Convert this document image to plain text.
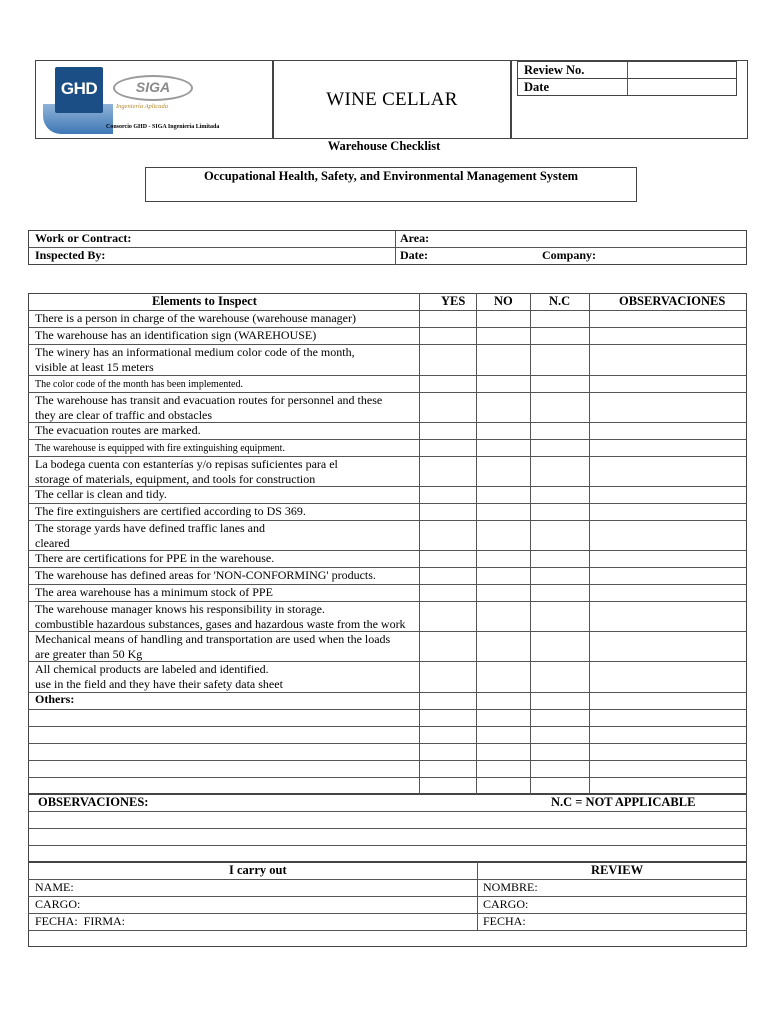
GHD	SIGA
Ingeniería Aplicada
Consorcio GHD - SIGA Ingeniería Limitada
WINE CELLAR
Review No.
Date
Warehouse Checklist
Occupational Health, Safety, and Environmental Management System
Work or Contract:	Area:
Inspected By:	Date:	Company:
Elements to Inspect	YES NO	N.C	OBSERVACIONES
There is a person in charge of the warehouse (warehouse manager)
The warehouse has an identification sign (WAREHOUSE)
The winery has an informational medium color code of the month,
visible at least 15 meters
The color code of the month has been implemented.
The warehouse has transit and evacuation routes for personnel and these
they are clear of traffic and obstacles
The evacuation routes are marked.
The warehouse is equipped with fire extinguishing equipment.
La bodega cuenta con estanterías y/o repisas suficientes para el
storage of materials, equipment, and tools for construction
The cellar is clean and tidy.
The fire extinguishers are certified according to DS 369.
The storage yards have defined traffic lanes and
cleared
There are certifications for PPE in the warehouse.
The warehouse has defined areas for 'NON-CONFORMING' products.
The area warehouse has a minimum stock of PPE
The warehouse manager knows his responsibility in storage.
combustible hazardous substances, gases and hazardous waste from the work
Mechanical means of handling and transportation are used when the loads
are greater than 50 Kg
All chemical products are labeled and identified.
use in the field and they have their safety data sheet
Others:
OBSERVACIONES:	N.C = NOT APPLICABLE
I carry out	REVIEW
NAME:	NOMBRE:
CARGO:	CARGO:
FECHA:  FIRMA:	FECHA:
